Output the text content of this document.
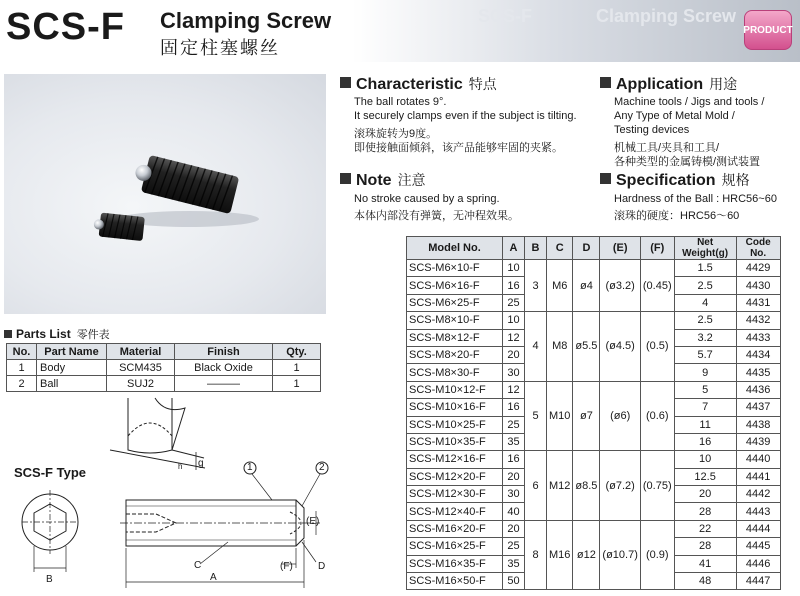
SCS-F	Clamping Screw
SCS-F Clamping Screw
固定柱塞螺丝
PRODUCT
Characteristic 特点
The ball rotates 9°.
It securely clamps even if the subject is tilting.
滚珠旋转为9度。
即使接触面倾斜，该产品能够牢固的夹紧。
Application 用途
Machine tools / Jigs and tools /
Any Type of Metal Mold /
Testing devices
机械工具/夹具和工具/
各种类型的金属铸模/测试装置
Note 注意
No stroke caused by a spring.
本体内部没有弹簧，无冲程效果。
Specification 规格
Hardness of the Ball : HRC56~60
滚珠的硬度：HRC56～60
Parts List 零件表
No.	Part Name	Material	Finish	Qty.
1	Body	SCM435	Black Oxide	1
2	Ball	SUJ2	———	1
SCS-F Type
g
h	1	2
(E)
B
C	(F)	D
A
Model No.	A	B	C	D	(E)	(F)	Net Weight(g)	Code No.
SCS-M6×10-F	10	3	M6	ø4	(ø3.2)	(0.45)	1.5	4429
SCS-M6×16-F	16						2.5	4430
SCS-M6×25-F	25						4	4431
SCS-M8×10-F	10	4	M8	ø5.5	(ø4.5)	(0.5)	2.5	4432
SCS-M8×12-F	12						3.2	4433
SCS-M8×20-F	20						5.7	4434
SCS-M8×30-F	30						9	4435
SCS-M10×12-F	12	5	M10	ø7	(ø6)	(0.6)	5	4436
SCS-M10×16-F	16						7	4437
SCS-M10×25-F	25						11	4438
SCS-M10×35-F	35						16	4439
SCS-M12×16-F	16	6	M12	ø8.5	(ø7.2)	(0.75)	10	4440
SCS-M12×20-F	20						12.5	4441
SCS-M12×30-F	30						20	4442
SCS-M12×40-F	40						28	4443
SCS-M16×20-F	20	8	M16	ø12	(ø10.7)	(0.9)	22	4444
SCS-M16×25-F	25						28	4445
SCS-M16×35-F	35						41	4446
SCS-M16×50-F	50						48	4447
